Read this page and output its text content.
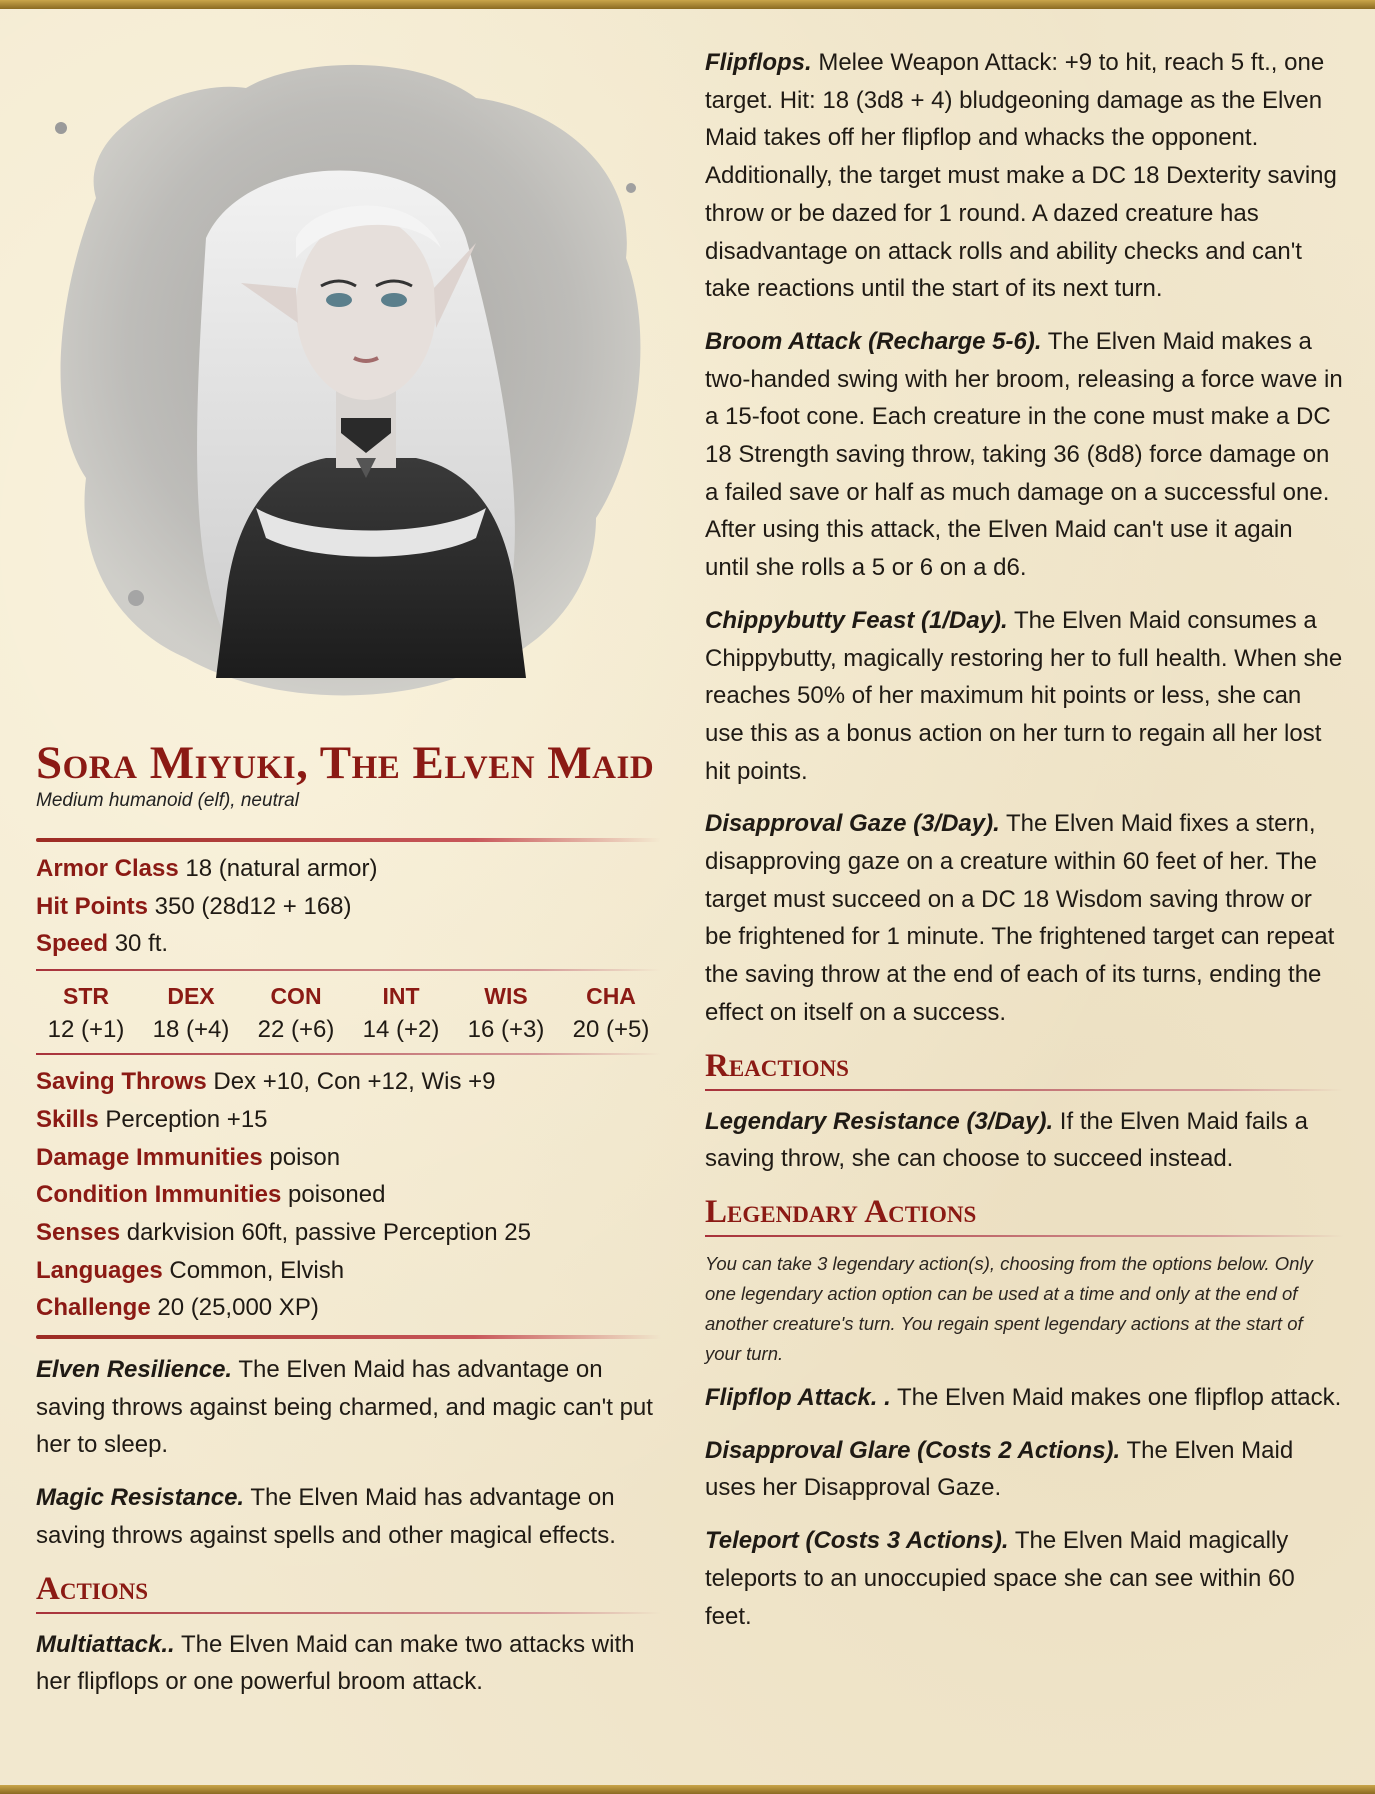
Sora Miyuki, The Elven Maid
Medium humanoid (elf), neutral
Armor Class 18 (natural armor)
Hit Points 350 (28d12 + 168)
Speed 30 ft.
STR
12 (+1)
DEX
18 (+4)
CON
22 (+6)
INT
14 (+2)
WIS
16 (+3)
CHA
20 (+5)
Saving Throws Dex +10, Con +12, Wis +9
Skills Perception +15
Damage Immunities poison
Condition Immunities poisoned
Senses darkvision 60ft, passive Perception 25
Languages Common, Elvish
Challenge 20 (25,000 XP)

Elven Resilience. The Elven Maid has advantage on saving throws against being charmed, and magic can't put her to sleep.

Magic Resistance. The Elven Maid has advantage on saving throws against spells and other magical effects.

Actions

Multiattack.. The Elven Maid can make two attacks with her flipflops or one powerful broom attack.

Flipflops. Melee Weapon Attack: +9 to hit, reach 5 ft., one target. Hit: 18 (3d8 + 4) bludgeoning damage as the Elven Maid takes off her flipflop and whacks the opponent. Additionally, the target must make a DC 18 Dexterity saving throw or be dazed for 1 round. A dazed creature has disadvantage on attack rolls and ability checks and can't take reactions until the start of its next turn.

Broom Attack (Recharge 5-6). The Elven Maid makes a two-handed swing with her broom, releasing a force wave in a 15-foot cone. Each creature in the cone must make a DC 18 Strength saving throw, taking 36 (8d8) force damage on a failed save or half as much damage on a successful one. After using this attack, the Elven Maid can't use it again until she rolls a 5 or 6 on a d6.

Chippybutty Feast (1/Day). The Elven Maid consumes a Chippybutty, magically restoring her to full health. When she reaches 50% of her maximum hit points or less, she can use this as a bonus action on her turn to regain all her lost hit points.

Disapproval Gaze (3/Day). The Elven Maid fixes a stern, disapproving gaze on a creature within 60 feet of her. The target must succeed on a DC 18 Wisdom saving throw or be frightened for 1 minute. The frightened target can repeat the saving throw at the end of each of its turns, ending the effect on itself on a success.

Reactions

Legendary Resistance (3/Day). If the Elven Maid fails a saving throw, she can choose to succeed instead.

Legendary Actions

You can take 3 legendary action(s), choosing from the options below. Only one legendary action option can be used at a time and only at the end of another creature's turn. You regain spent legendary actions at the start of your turn.

Flipflop Attack. . The Elven Maid makes one flipflop attack.

Disapproval Glare (Costs 2 Actions). The Elven Maid uses her Disapproval Gaze.

Teleport (Costs 3 Actions). The Elven Maid magically teleports to an unoccupied space she can see within 60 feet.
